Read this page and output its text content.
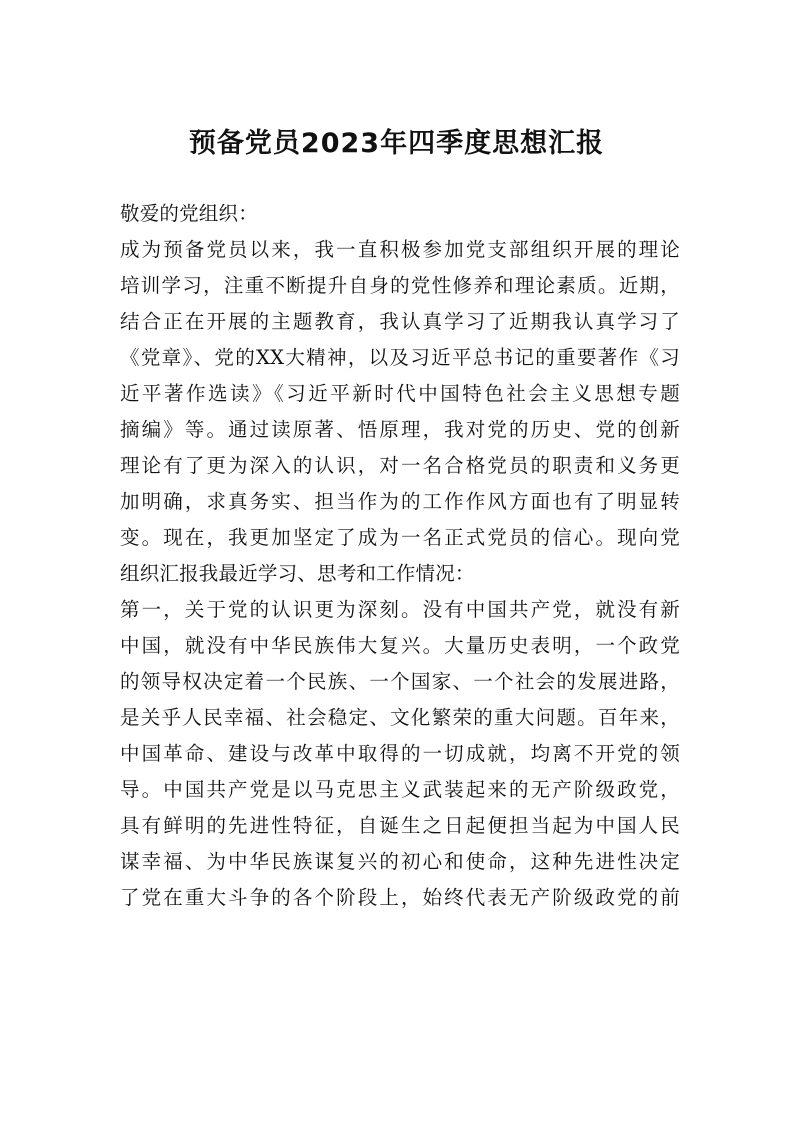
预备党员2023年四季度思想汇报
敬爱的党组织：
成为预备党员以来，我一直积极参加党支部组织开展的理论
培训学习，注重不断提升自身的党性修养和理论素质。近期，
结合正在开展的主题教育，我认真学习了近期我认真学习了
《党章》、党的XX大精神，以及习近平总书记的重要著作《习
近平著作选读》《习近平新时代中国特色社会主义思想专题
摘编》等。通过读原著、悟原理，我对党的历史、党的创新
理论有了更为深入的认识，对一名合格党员的职责和义务更
加明确，求真务实、担当作为的工作作风方面也有了明显转
变。现在，我更加坚定了成为一名正式党员的信心。现向党
组织汇报我最近学习、思考和工作情况：
第一，关于党的认识更为深刻。没有中国共产党，就没有新
中国，就没有中华民族伟大复兴。大量历史表明，一个政党
的领导权决定着一个民族、一个国家、一个社会的发展进路，
是关乎人民幸福、社会稳定、文化繁荣的重大问题。百年来，
中国革命、建设与改革中取得的一切成就，均离不开党的领
导。中国共产党是以马克思主义武装起来的无产阶级政党，
具有鲜明的先进性特征，自诞生之日起便担当起为中国人民
谋幸福、为中华民族谋复兴的初心和使命，这种先进性决定
了党在重大斗争的各个阶段上，始终代表无产阶级政党的前
